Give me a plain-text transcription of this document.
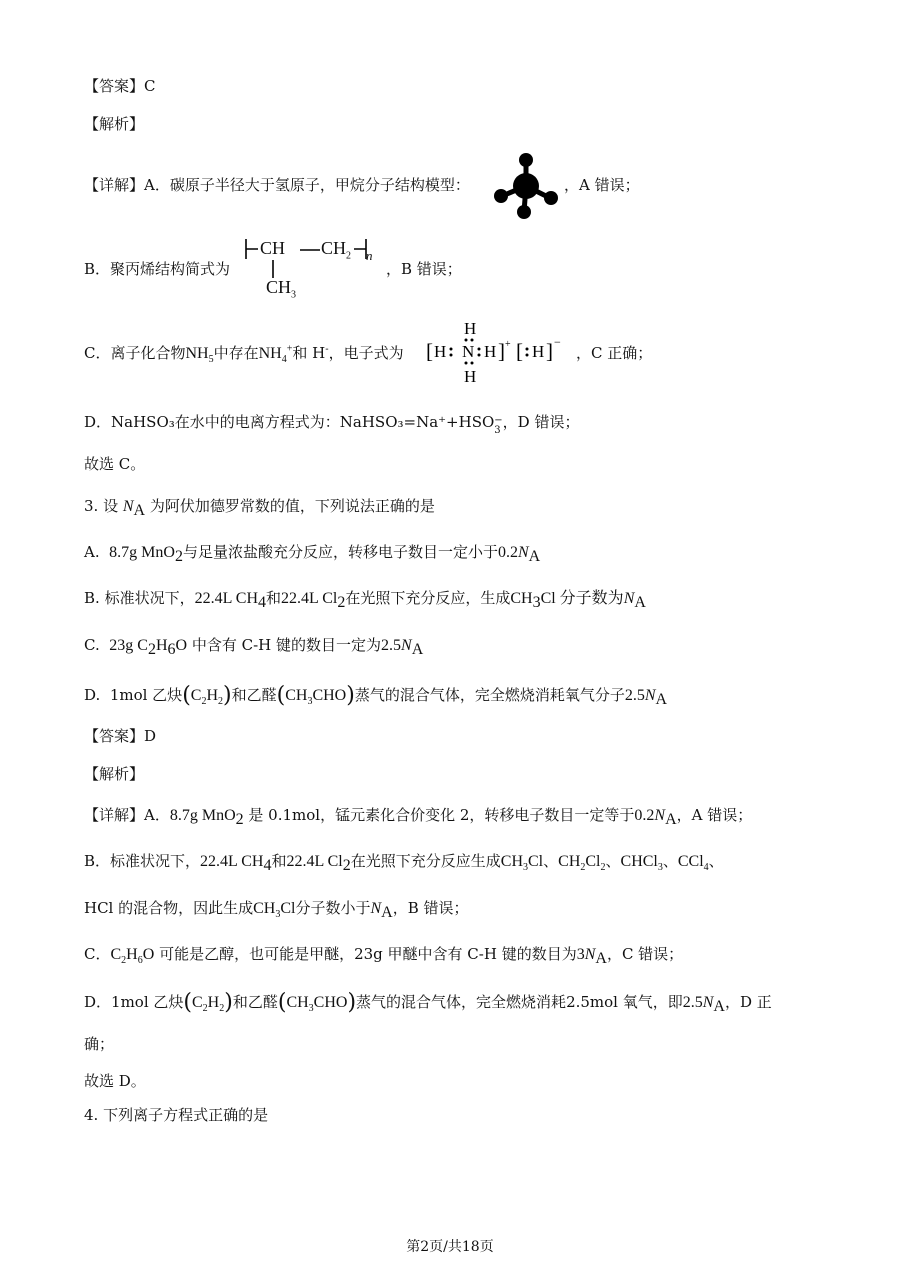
【答案】C
【解析】
【详解】A．碳原子半径大于氢原子，甲烷分子结构模型：	，A 错误；
B．聚丙烯结构简式为
CH $CH_2$ n
$CH_3$
，B 错误；
C．离子化合物$NH_5$中存在$NH_4^+$和 H-，电子式为
H
[ H N H ] +
H
[ H ] −
，C 正确；
D．NaHSO₃在水中的电离方程式为：NaHSO₃=Na⁺+HSO −
3 ，D 错误；
故选 C。
3. 设 $N_A$ 为阿伏加德罗常数的值，下列说法正确的是
A. 8.7g MnO$_2$与足量浓盐酸充分反应，转移电子数目一定小于$0.2N_A$
B. 标准状况下，22.4L $CH_4$和22.4L $Cl_2$在光照下充分反应，生成$CH_3Cl$ 分子数为$N_A$
C. 23g $C_2H_6O$ 中含有 C-H 键的数目一定为$2.5N_A$
D. 1mol 乙炔$(C_2H_2)$和乙醛$(CH_3CHO)$蒸气的混合气体，完全燃烧消耗氧气分子$2.5N_A$
【答案】D
【解析】
【详解】A．8.7g MnO$_2$ 是 0.1mol，锰元素化合价变化 2，转移电子数目一定等于$0.2N_A$，A 错误；
B．标准状况下，22.4L $CH_4$和22.4L $Cl_2$在光照下充分反应生成$CH_3Cl$、$CH_2Cl_2$、CHCl$_3$、CCl$_4$、
HCl 的混合物，因此生成$CH_3Cl$分子数小于$N_A$，B 错误；
C．$C_2H_6O$ 可能是乙醇，也可能是甲醚，23g 甲醚中含有 C-H 键的数目为$3N_A$，C 错误；
D．1mol 乙炔$(C_2H_2)$和乙醛$(CH_3CHO)$蒸气的混合气体，完全燃烧消耗2.5mol 氧气，即$2.5N_A$，D 正
确；
故选 D。
4. 下列离子方程式正确的是
第2页/共18页
